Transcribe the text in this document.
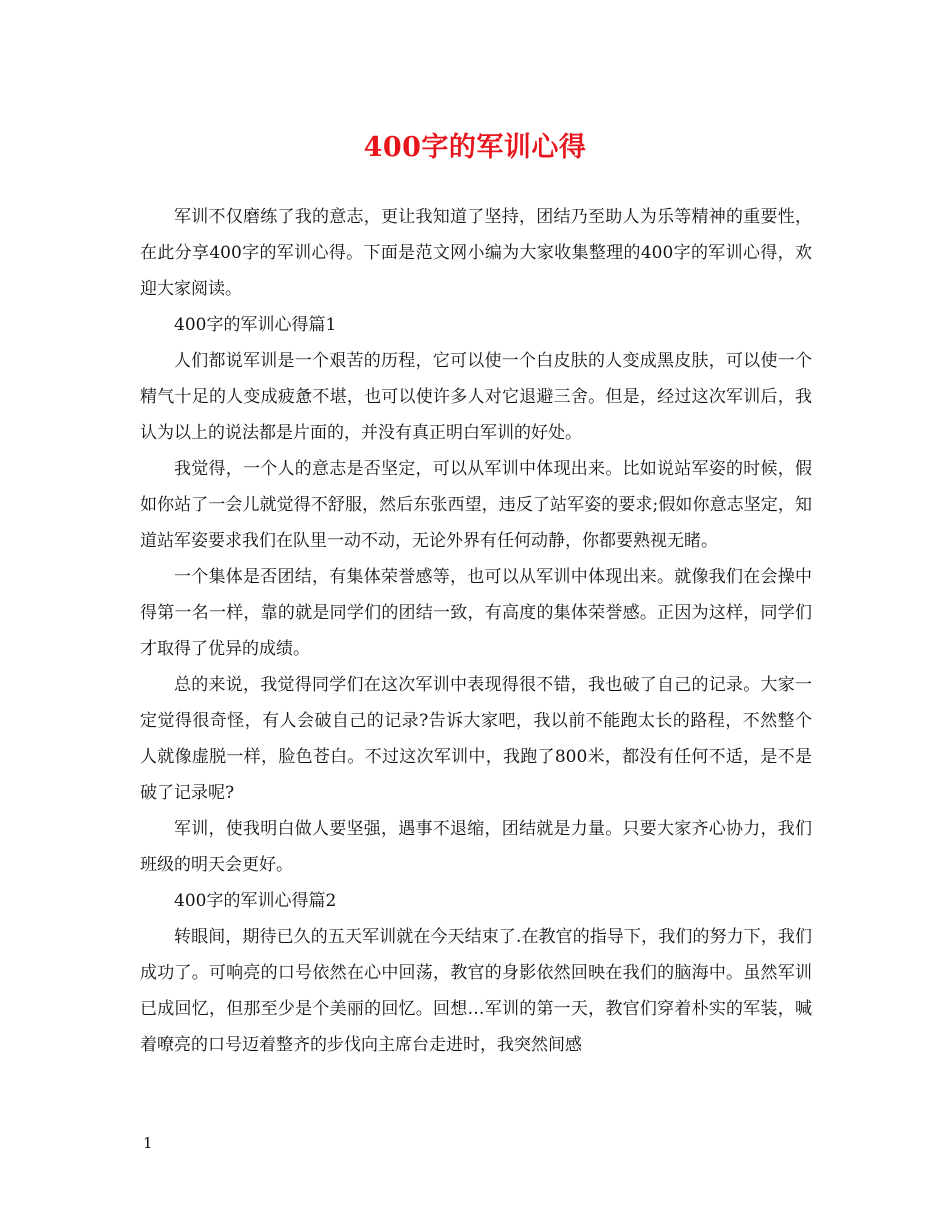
400字的军训心得

军训不仅磨练了我的意志，更让我知道了坚持，团结乃至助人为乐等精神的重要性，在此分享400字的军训心得。下面是范文网小编为大家收集整理的400字的军训心得，欢迎大家阅读。

400字的军训心得篇1

人们都说军训是一个艰苦的历程，它可以使一个白皮肤的人变成黑皮肤，可以使一个精气十足的人变成疲惫不堪，也可以使许多人对它退避三舍。但是，经过这次军训后，我认为以上的说法都是片面的，并没有真正明白军训的好处。

我觉得，一个人的意志是否坚定，可以从军训中体现出来。比如说站军姿的时候，假如你站了一会儿就觉得不舒服，然后东张西望，违反了站军姿的要求;假如你意志坚定，知道站军姿要求我们在队里一动不动，无论外界有任何动静，你都要熟视无睹。

一个集体是否团结，有集体荣誉感等，也可以从军训中体现出来。就像我们在会操中得第一名一样，靠的就是同学们的团结一致，有高度的集体荣誉感。正因为这样，同学们才取得了优异的成绩。

总的来说，我觉得同学们在这次军训中表现得很不错，我也破了自己的记录。大家一定觉得很奇怪，有人会破自己的记录?告诉大家吧，我以前不能跑太长的路程，不然整个人就像虚脱一样，脸色苍白。不过这次军训中，我跑了800米，都没有任何不适，是不是破了记录呢?

军训，使我明白做人要坚强，遇事不退缩，团结就是力量。只要大家齐心协力，我们班级的明天会更好。

400字的军训心得篇2

转眼间，期待已久的五天军训就在今天结束了.在教官的指导下，我们的努力下，我们成功了。可响亮的口号依然在心中回荡，教官的身影依然回映在我们的脑海中。虽然军训已成回忆，但那至少是个美丽的回忆。回想…军训的第一天，教官们穿着朴实的军装，喊着嘹亮的口号迈着整齐的步伐向主席台走进时，我突然间感

1
